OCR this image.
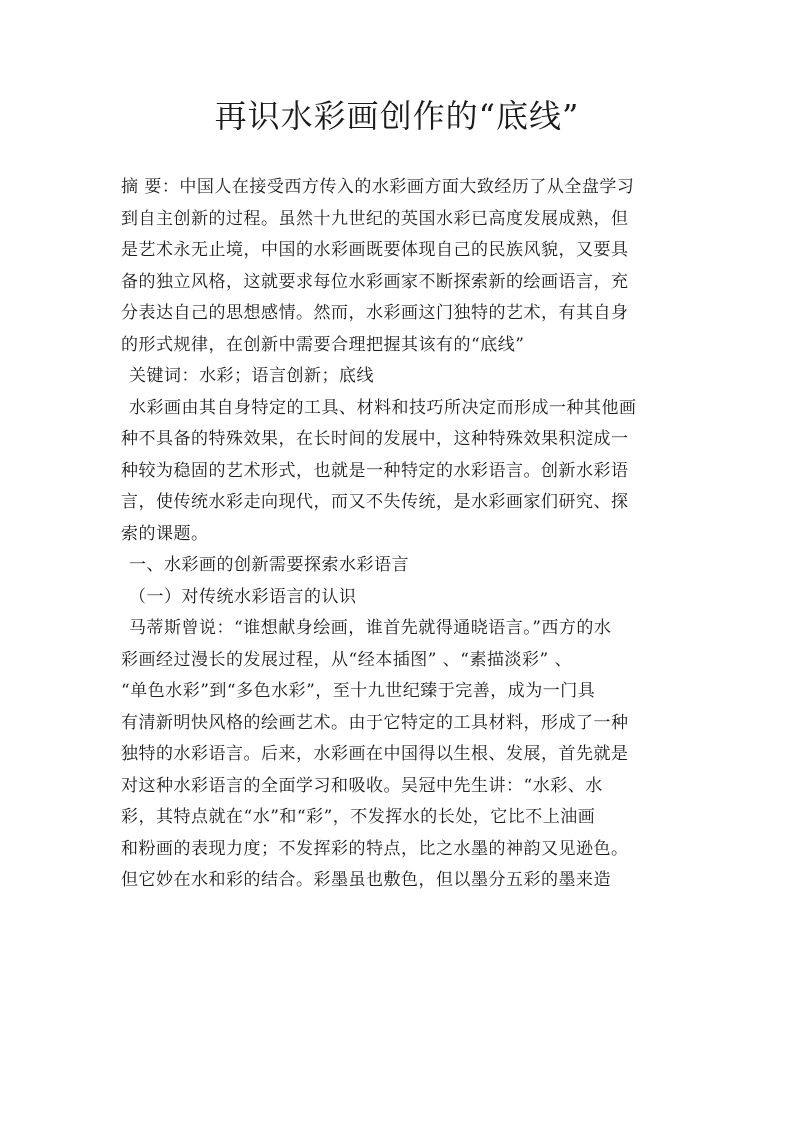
再识水彩画创作的“底线”
摘 要：中国人在接受西方传入的水彩画方面大致经历了从全盘学习
到自主创新的过程。虽然十九世纪的英国水彩已高度发展成熟，但
是艺术永无止境，中国的水彩画既要体现自己的民族风貌，又要具
备的独立风格，这就要求每位水彩画家不断探索新的绘画语言，充
分表达自己的思想感情。然而，水彩画这门独特的艺术，有其自身
的形式规律，在创新中需要合理把握其该有的“底线”
关键词：水彩；语言创新；底线
水彩画由其自身特定的工具、材料和技巧所决定而形成一种其他画
种不具备的特殊效果，在长时间的发展中，这种特殊效果积淀成一
种较为稳固的艺术形式，也就是一种特定的水彩语言。创新水彩语
言，使传统水彩走向现代，而又不失传统，是水彩画家们研究、探
索的课题。
一、水彩画的创新需要探索水彩语言
（一）对传统水彩语言的认识
马蒂斯曾说：“谁想献身绘画，谁首先就得通晓语言。”西方的水
彩画经过漫长的发展过程，从“经本插图” 、“素描淡彩” 、
“单色水彩”到“多色水彩”，至十九世纪臻于完善，成为一门具
有清新明快风格的绘画艺术。由于它特定的工具材料，形成了一种
独特的水彩语言。后来，水彩画在中国得以生根、发展，首先就是
对这种水彩语言的全面学习和吸收。吴冠中先生讲：“水彩、水
彩，其特点就在“水”和“彩”，不发挥水的长处，它比不上油画
和粉画的表现力度；不发挥彩的特点，比之水墨的神韵又见逊色。
但它妙在水和彩的结合。彩墨虽也敷色，但以墨分五彩的墨来造
